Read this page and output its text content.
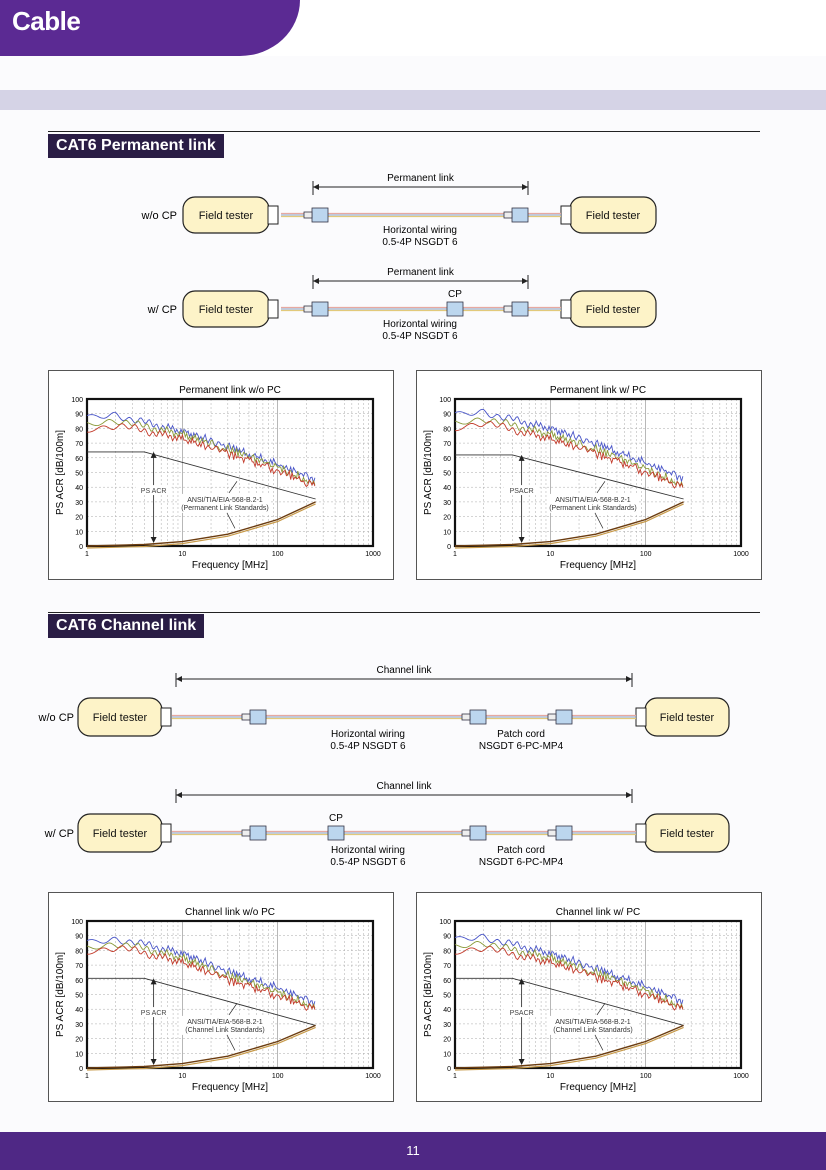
Cable
CAT6 Permanent link
w/o CP Field tester	Field tester
Permanent link
Horizontal wiring
0.5-4P NSGDT 6
w/ CP Field tester	Field tester
CP
Permanent link
Horizontal wiring
0.5-4P NSGDT 6
0
10
20
30
40
50
60
70
80
90
100
1	10	100	1000
PS ACR
ANSI/TIA/EIA-568-B.2-1
(Permanent Link Standards)
Permanent link w/o PC
Frequency [MHz]
PS ACR [dB/100m]
0
10
20
30
40
50
60
70
80
90
100
1	10	100	1000
PSACR
ANSI/TIA/EIA-568-B.2-1
(Permanent Link Standards)
Permanent link w/ PC
Frequency [MHz]
PS ACR [dB/100m]
CAT6 Channel link
w/o CP Field tester	Field tester
Channel link
Horizontal wiring
0.5-4P NSGDT 6
Patch cord
NSGDT 6-PC-MP4
w/ CP Field tester	Field tester
CP
Channel link
Horizontal wiring
0.5-4P NSGDT 6
Patch cord
NSGDT 6-PC-MP4
0
10
20
30
40
50
60
70
80
90
100
1	10	100	1000
PS ACR
ANSI/TIA/EIA-568-B.2-1
(Channel Link Standards)
Channel link w/o PC
Frequency [MHz]
PS ACR [dB/100m]
0
10
20
30
40
50
60
70
80
90
100
1	10	100	1000
PSACR
ANSI/TIA/EIA-568-B.2-1
(Channel Link Standards)
Channel link w/ PC
Frequency [MHz]
PS ACR [dB/100m]
11
